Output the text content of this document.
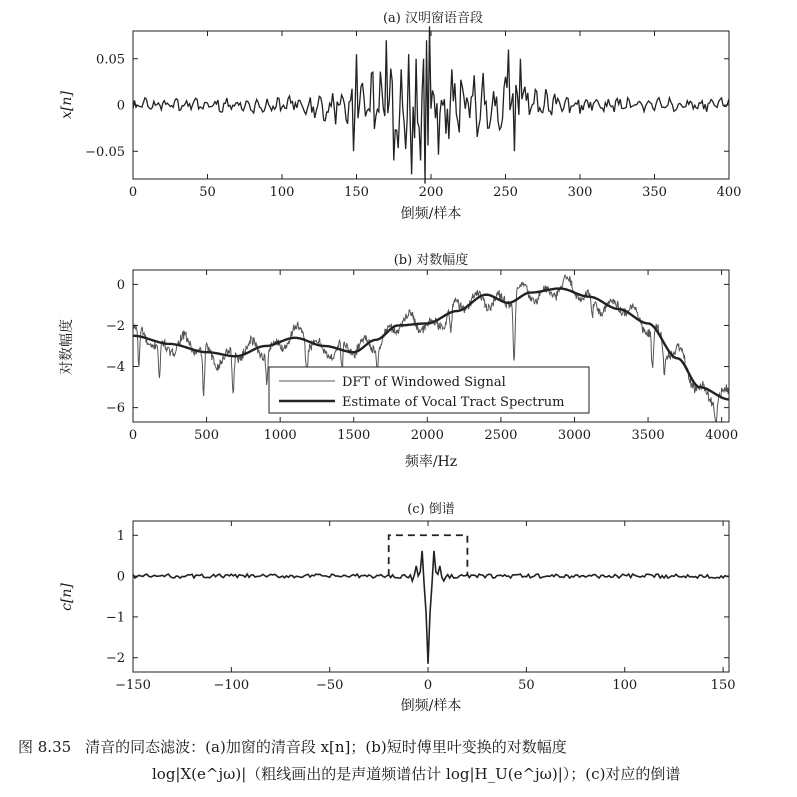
(a) 汉明窗语音段
0	50	100	150	200	250	300	350	400
0.05
0
−0.05
倒频/样本
x[n]
(b) 对数幅度
0	500	1000	1500	2000	2500	3000	3500	4000
0
−2
−4
−6
DFT of Windowed Signal
Estimate of Vocal Tract Spectrum
频率/Hz
对数幅度
(c) 倒谱
−150	−100	−50	0	50	100	150
1
0
−1
−2
倒频/样本
c[n]
图 8.35 清音的同态滤波：(a)加窗的清音段 x[n]；(b)短时傅里叶变换的对数幅度
log|X(e^jω)|（粗线画出的是声道频谱估计 log|H_U(e^jω)|）；(c)对应的倒谱
